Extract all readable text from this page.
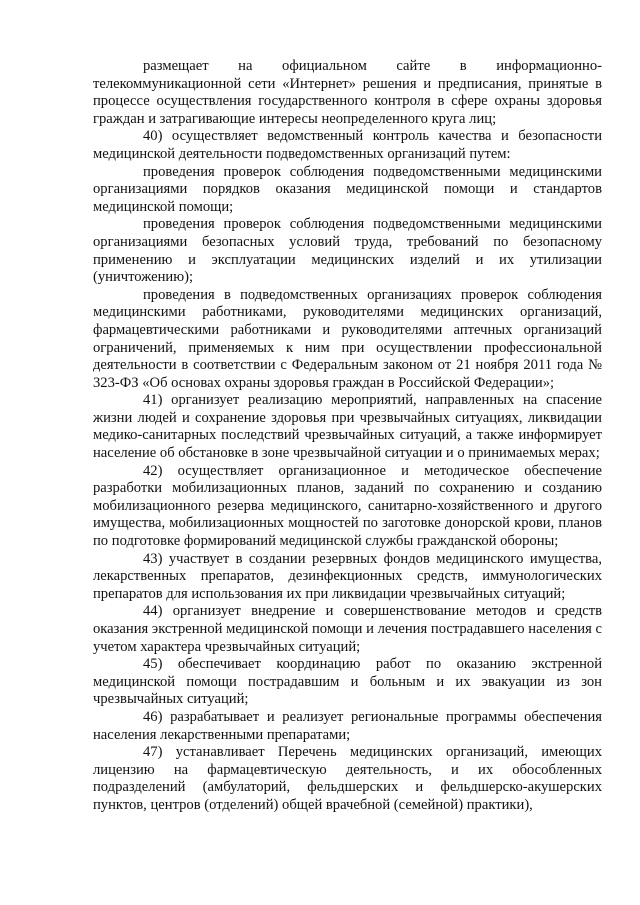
размещает на официальном сайте в информационно-телекоммуникационной сети «Интернет» решения и предписания, принятые в процессе осуществления государственного контроля в сфере охраны здоровья граждан и затрагивающие интересы неопределенного круга лиц;

40) осуществляет ведомственный контроль качества и безопасности медицинской деятельности подведомственных организаций путем:

проведения проверок соблюдения подведомственными медицинскими организациями порядков оказания медицинской помощи и стандартов медицинской помощи;

проведения проверок соблюдения подведомственными медицинскими организациями безопасных условий труда, требований по безопасному применению и эксплуатации медицинских изделий и их утилизации (уничтожению);

проведения в подведомственных организациях проверок соблюдения медицинскими работниками, руководителями медицинских организаций, фармацевтическими работниками и руководителями аптечных организаций ограничений, применяемых к ним при осуществлении профессиональной деятельности в соответствии с Федеральным законом от 21 ноября 2011 года № 323-ФЗ «Об основах охраны здоровья граждан в Российской Федерации»;

41) организует реализацию мероприятий, направленных на спасение жизни людей и сохранение здоровья при чрезвычайных ситуациях, ликвидации медико-санитарных последствий чрезвычайных ситуаций, а также информирует население об обстановке в зоне чрезвычайной ситуации и о принимаемых мерах;

42) осуществляет организационное и методическое обеспечение разработки мобилизационных планов, заданий по сохранению и созданию мобилизационного резерва медицинского, санитарно-хозяйственного и другого имущества, мобилизационных мощностей по заготовке донорской крови, планов по подготовке формирований медицинской службы гражданской обороны;

43) участвует в создании резервных фондов медицинского имущества, лекарственных препаратов, дезинфекционных средств, иммунологических препаратов для использования их при ликвидации чрезвычайных ситуаций;

44) организует внедрение и совершенствование методов и средств оказания экстренной медицинской помощи и лечения пострадавшего населения с учетом характера чрезвычайных ситуаций;

45) обеспечивает координацию работ по оказанию экстренной медицинской помощи пострадавшим и больным и их эвакуации из зон чрезвычайных ситуаций;

46) разрабатывает и реализует региональные программы обеспечения населения лекарственными препаратами;

47) устанавливает Перечень медицинских организаций, имеющих лицензию на фармацевтическую деятельность, и их обособленных подразделений (амбулаторий, фельдшерских и фельдшерско-акушерских пунктов, центров (отделений) общей врачебной (семейной) практики),
